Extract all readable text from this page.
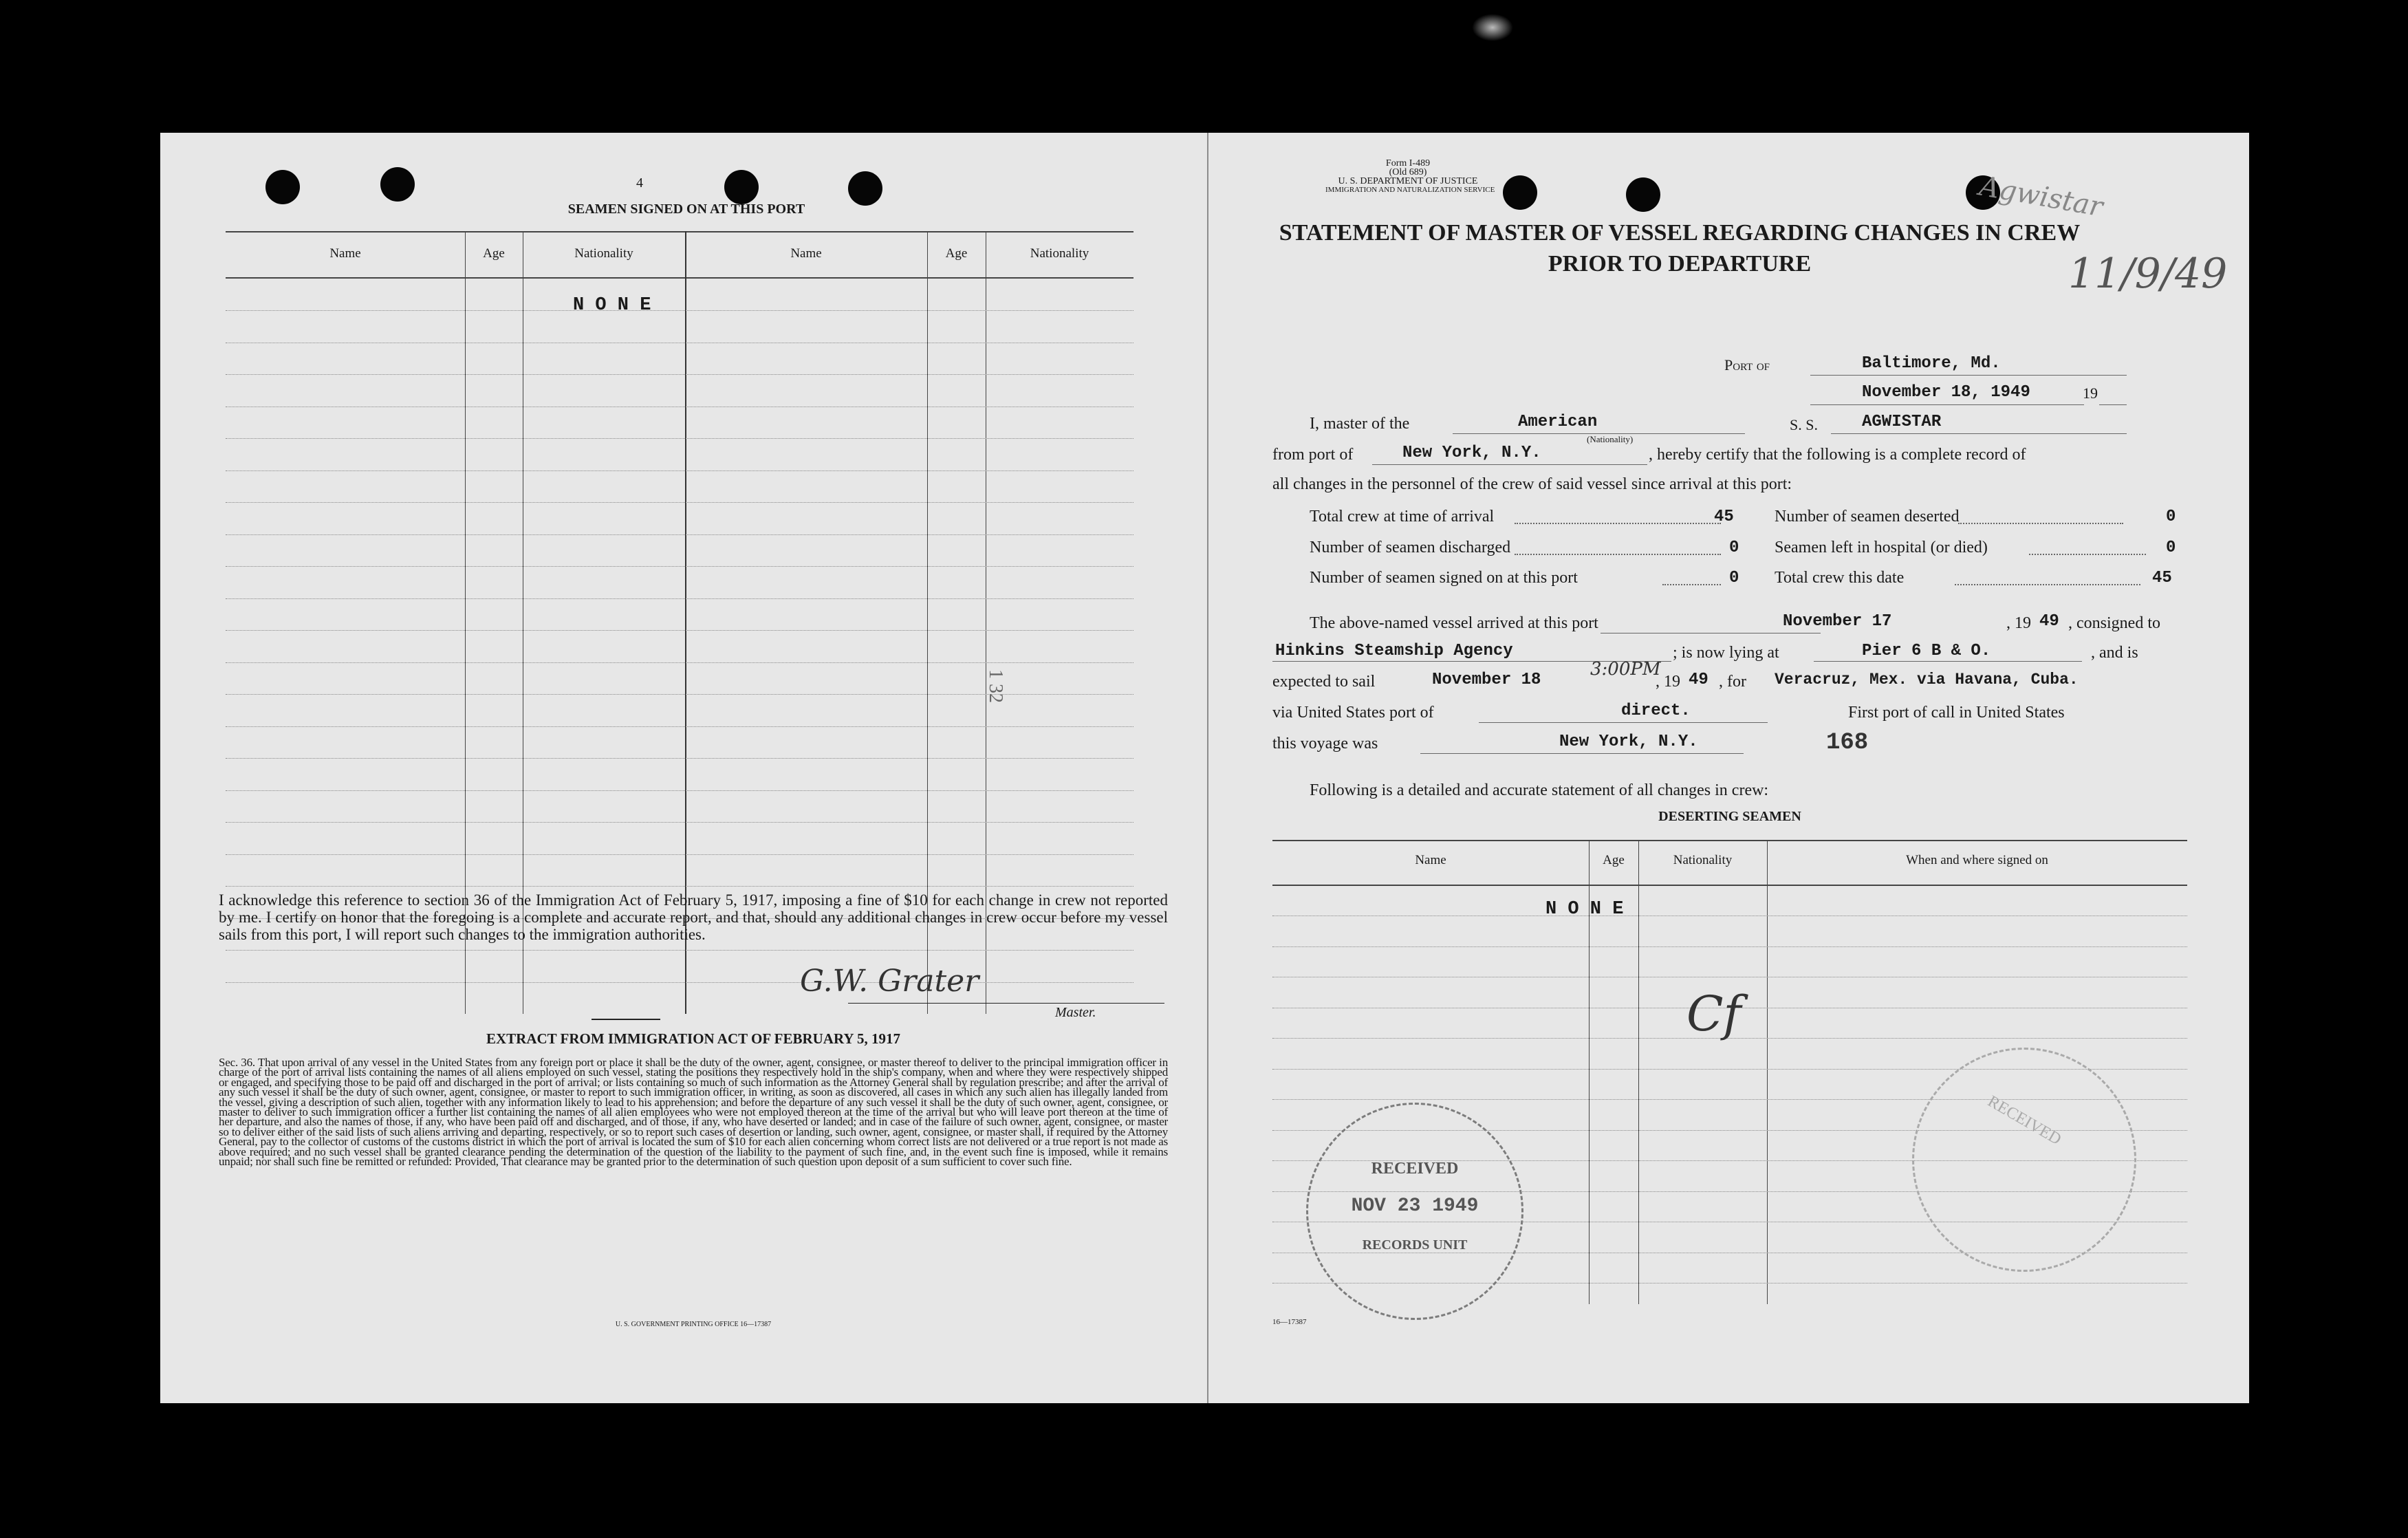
4
SEAMEN SIGNED ON AT THIS PORT
Name	Age	Nationality	Name	Age	Nationality
N O N E
1 32
I acknowledge this reference to section 36 of the Immigration Act of February 5, 1917, imposing a fine of $10 for each change in crew not reported by me. I certify on honor that the foregoing is a complete and accurate report, and that, should any additional changes in crew occur before my vessel sails from this port, I will report such changes to the immigration authorities.
G.W. Grater
Master.
EXTRACT FROM IMMIGRATION ACT OF FEBRUARY 5, 1917
Sec. 36. That upon arrival of any vessel in the United States from any foreign port or place it shall be the duty of the owner, agent, consignee, or master thereof to deliver to the principal immigration officer in charge of the port of arrival lists containing the names of all aliens employed on such vessel, stating the positions they respectively hold in the ship's company, when and where they were respectively shipped or engaged, and specifying those to be paid off and discharged in the port of arrival; or lists containing so much of such information as the Attorney General shall by regulation prescribe; and after the arrival of any such vessel it shall be the duty of such owner, agent, consignee, or master to report to such immigration officer, in writing, as soon as discovered, all cases in which any such alien has illegally landed from the vessel, giving a description of such alien, together with any information likely to lead to his apprehension; and before the departure of any such vessel it shall be the duty of such owner, agent, consignee, or master to deliver to such immigration officer a further list containing the names of all alien employees who were not employed thereon at the time of the arrival but who will leave port thereon at the time of her departure, and also the names of those, if any, who have been paid off and discharged, and of those, if any, who have deserted or landed; and in case of the failure of such owner, agent, consignee, or master so to deliver either of the said lists of such aliens arriving and departing, respectively, or so to report such cases of desertion or landing, such owner, agent, consignee, or master shall, if required by the Attorney General, pay to the collector of customs of the customs district in which the port of arrival is located the sum of $10 for each alien concerning whom correct lists are not delivered or a true report is not made as above required; and no such vessel shall be granted clearance pending the determination of the question of the liability to the payment of such fine, and, in the event such fine is imposed, while it remains unpaid; nor shall such fine be remitted or refunded: Provided, That clearance may be granted prior to the determination of such question upon deposit of a sum sufficient to cover such fine.
U. S. GOVERNMENT PRINTING OFFICE 16—17387
Form I-489
(Old 689)
U. S. DEPARTMENT OF JUSTICE
IMMIGRATION AND NATURALIZATION SERVICE	Agwistar
11/9/49
STATEMENT OF MASTER OF VESSEL REGARDING CHANGES IN CREW
PRIOR TO DEPARTURE
Port of	Baltimore, Md.
November 18, 1949	19
I, master of the	American
(Nationality)
S. S.	AGWISTAR
from port of	New York, N.Y.	, hereby certify that the following is a complete record of
all changes in the personnel of the crew of said vessel since arrival at this port:
Total crew at time of arrival	45
Number of seamen discharged	0
Number of seamen signed on at this port	0
Number of seamen deserted	0
Seamen left in hospital (or died)	0
Total crew this date	45
The above-named vessel arrived at this port	November 17	, 19 49 , consigned to
Hinkins Steamship Agency	; is now lying at	Pier 6 B & O.	, and is
expected to sail	November 18
3:00PM
, 19 49 , for Veracruz, Mex. via Havana, Cuba.
via United States port of	direct.	First port of call in United States
this voyage was	New York, N.Y.	168
Following is a detailed and accurate statement of all changes in crew:
DESERTING SEAMEN
Name	Age	Nationality	When and where signed on
N O N E
Cf
RECEIVED
NOV 23 1949
RECORDS UNIT
RECEIVED
16—17387
